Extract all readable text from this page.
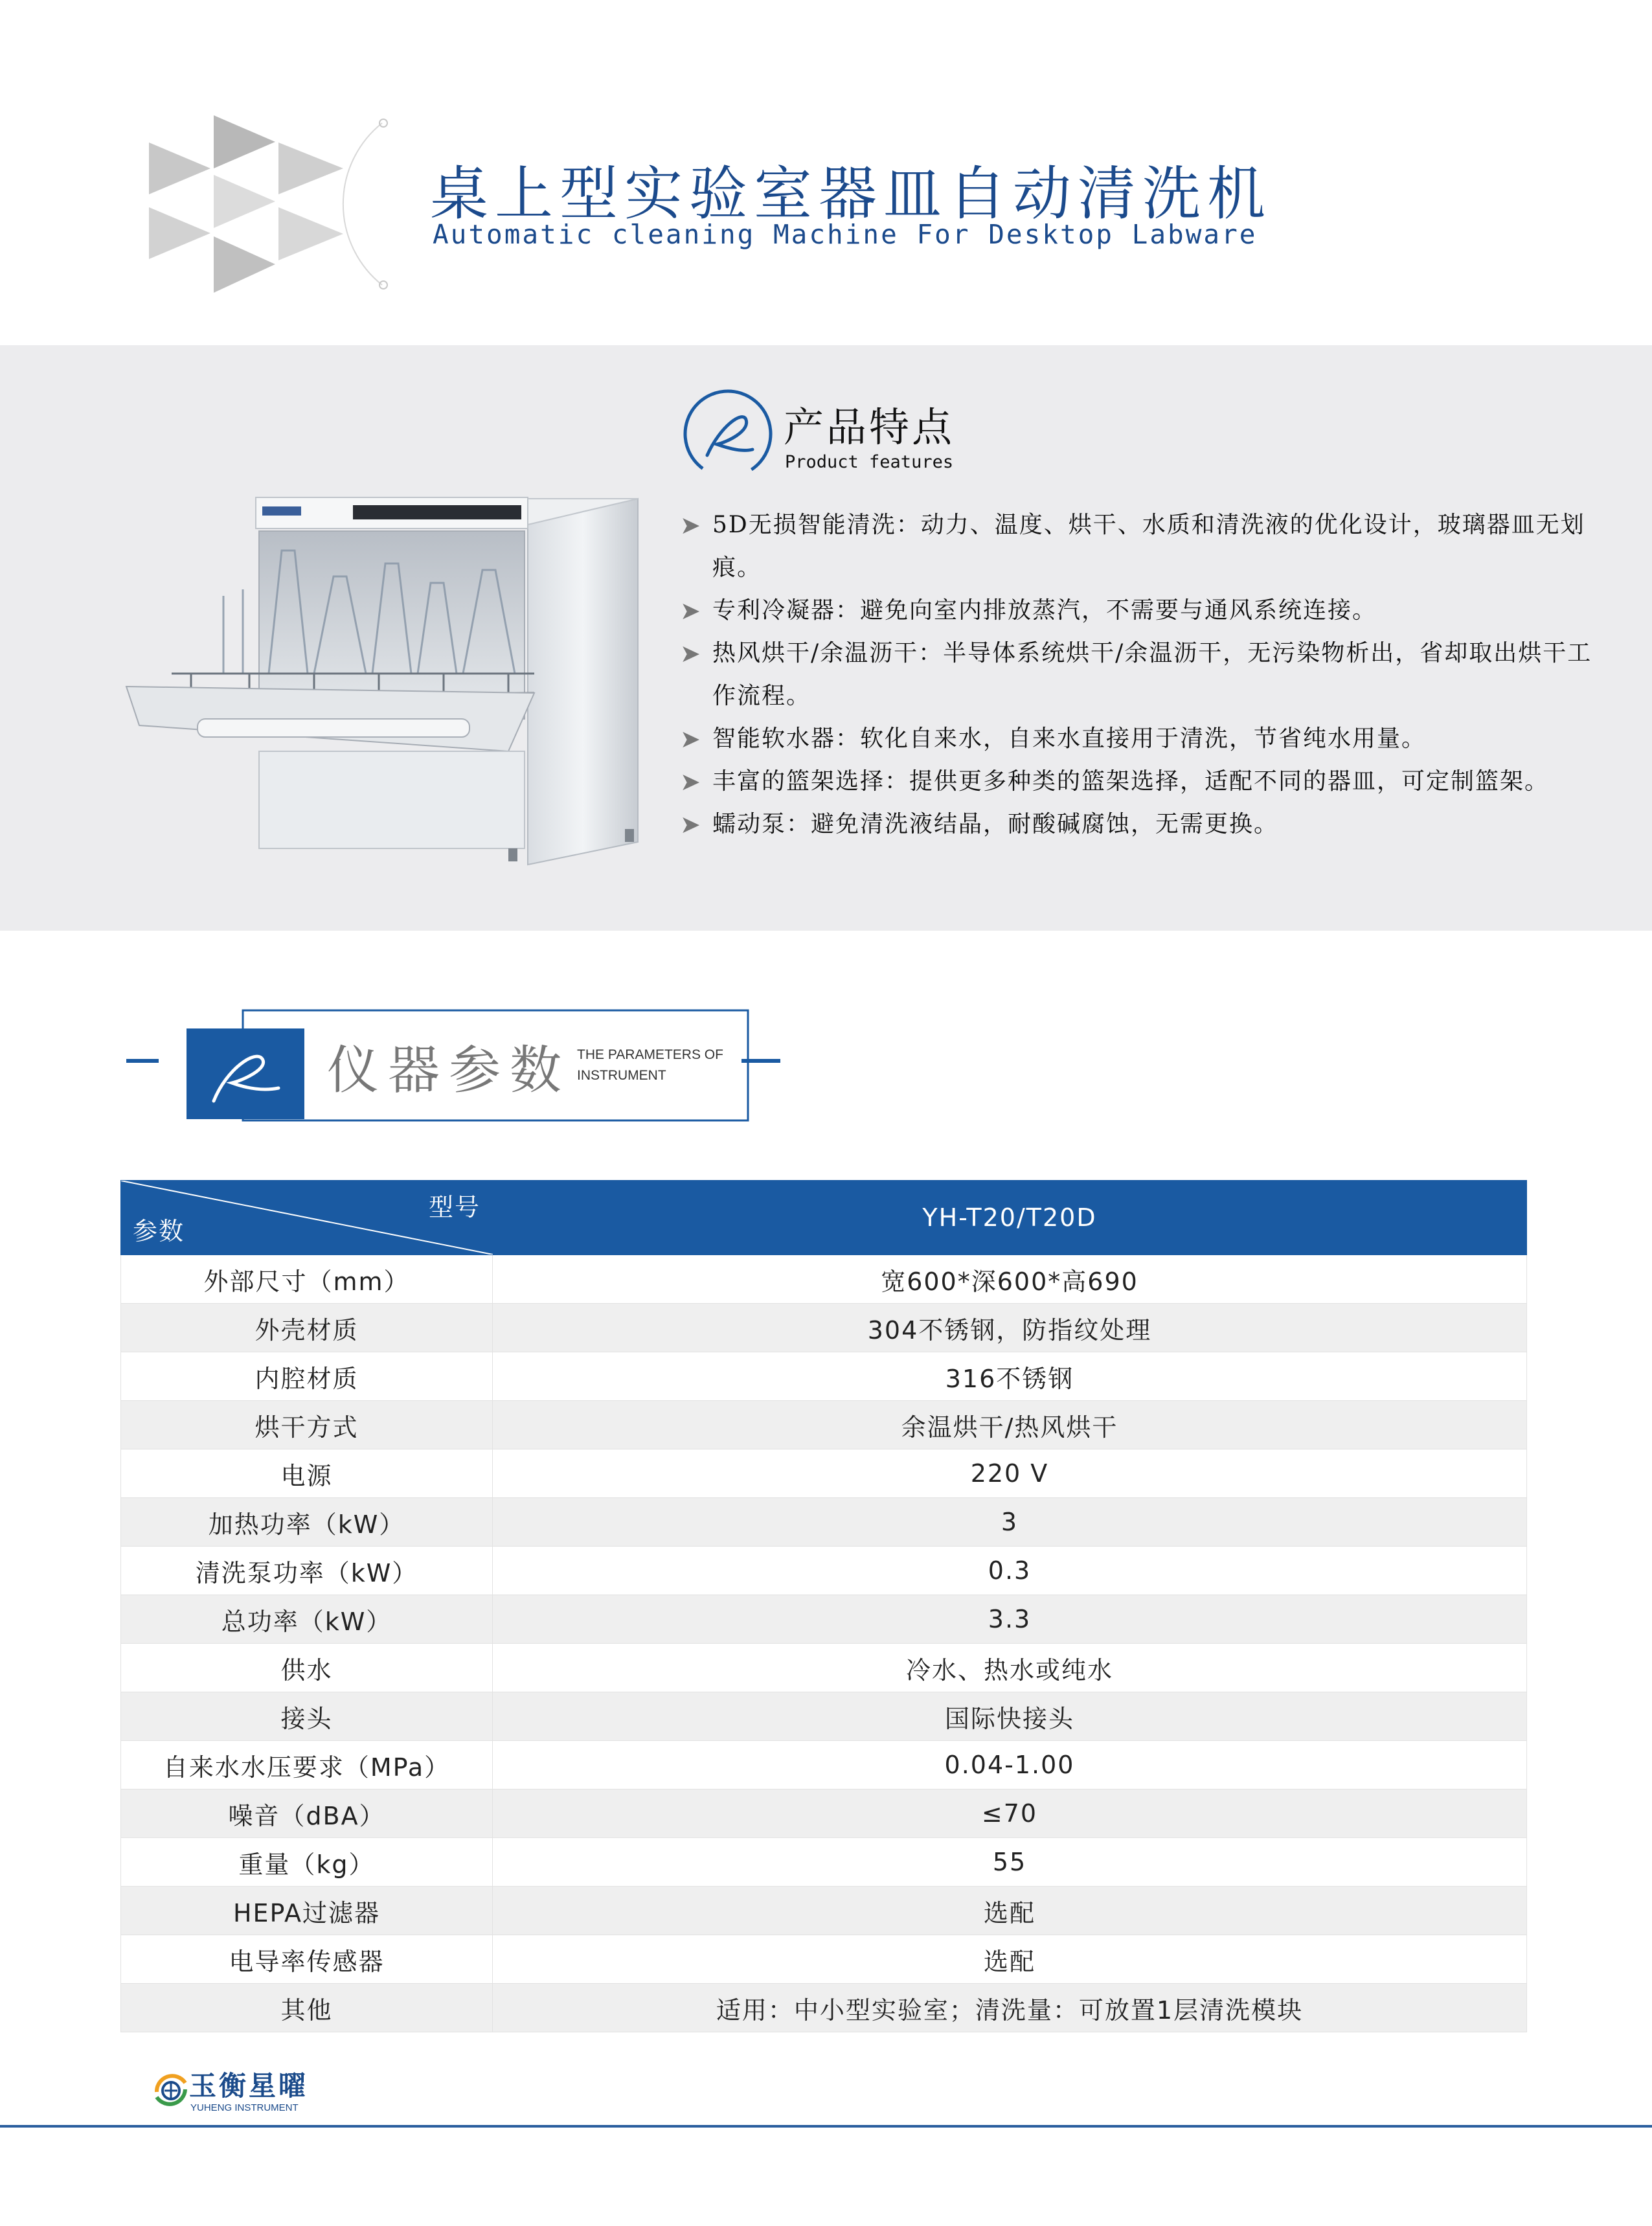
桌上型实验室器皿自动清洗机
Automatic cleaning Machine For Desktop Labware
产品特点
Product features
➤ 5D无损智能清洗：动力、温度、烘干、水质和清洗液的优化设计，玻璃器皿无划痕。
➤ 专利冷凝器：避免向室内排放蒸汽，不需要与通风系统连接。
➤ 热风烘干/余温沥干：半导体系统烘干/余温沥干，无污染物析出，省却取出烘干工作流程。
➤ 智能软水器：软化自来水，自来水直接用于清洗，节省纯水用量。
➤ 丰富的篮架选择：提供更多种类的篮架选择，适配不同的器皿，可定制篮架。
➤ 蠕动泵：避免清洗液结晶，耐酸碱腐蚀，无需更换。
仪器参数 THE PARAMETERS OF INSTRUMENT
型号
参数	YH-T20/T20D
外部尺寸（mm）	宽600*深600*高690
外壳材质	304不锈钢，防指纹处理
内腔材质	316不锈钢
烘干方式	余温烘干/热风烘干
电源	220 V
加热功率（kW）	3
清洗泵功率（kW）	0.3
总功率（kW）	3.3
供水	冷水、热水或纯水
接头	国际快接头
自来水水压要求（MPa）	0.04-1.00
噪音（dBA）	≤70
重量（kg）	55
HEPA过滤器	选配
电导率传感器	选配
其他	适用：中小型实验室；清洗量：可放置1层清洗模块
玉衡星曜
YUHENG INSTRUMENT
